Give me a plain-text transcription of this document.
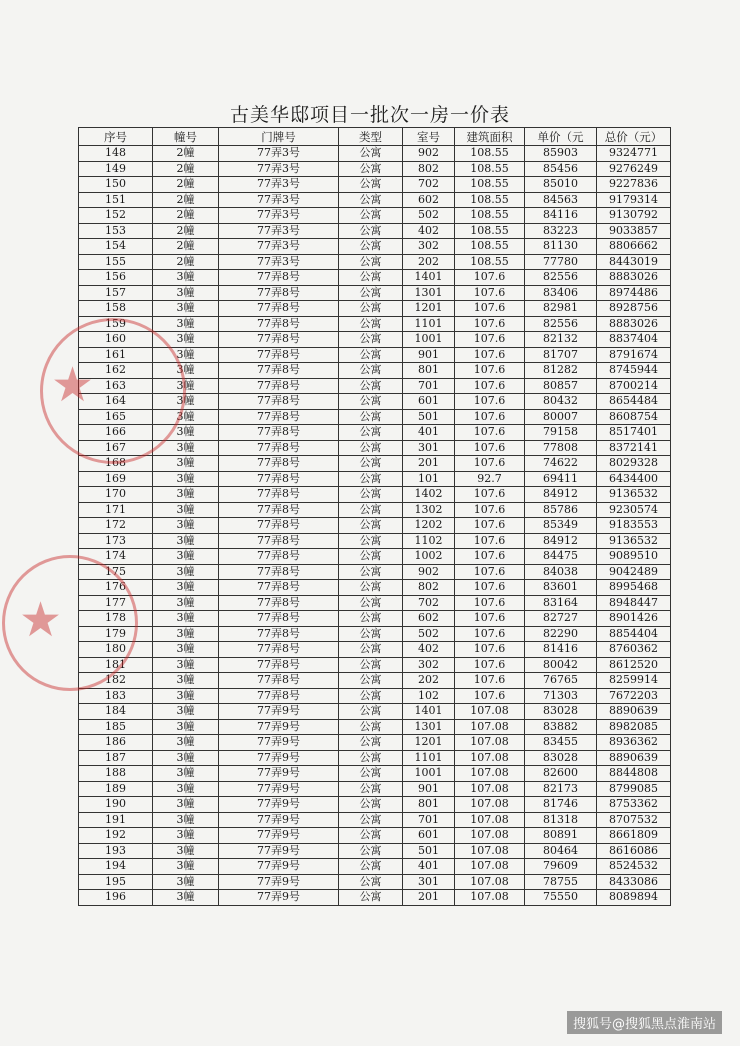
古美华邸项目一批次一房一价表
序号	幢号	门牌号	类型	室号	建筑面积	单价（元	总价（元）
148	2幢	77弄3号	公寓	902	108.55	85903	9324771
149	2幢	77弄3号	公寓	802	108.55	85456	9276249
150	2幢	77弄3号	公寓	702	108.55	85010	9227836
151	2幢	77弄3号	公寓	602	108.55	84563	9179314
152	2幢	77弄3号	公寓	502	108.55	84116	9130792
153	2幢	77弄3号	公寓	402	108.55	83223	9033857
154	2幢	77弄3号	公寓	302	108.55	81130	8806662
155	2幢	77弄3号	公寓	202	108.55	77780	8443019
156	3幢	77弄8号	公寓	1401	107.6	82556	8883026
157	3幢	77弄8号	公寓	1301	107.6	83406	8974486
158	3幢	77弄8号	公寓	1201	107.6	82981	8928756
159	3幢	77弄8号	公寓	1101	107.6	82556	8883026
160	3幢	77弄8号	公寓	1001	107.6	82132	8837404
161	3幢	77弄8号	公寓	901	107.6	81707	8791674
162	3幢	77弄8号	公寓	801	107.6	81282	8745944
163	3幢	77弄8号	公寓	701	107.6	80857	8700214
164	3幢	77弄8号	公寓	601	107.6	80432	8654484
165	3幢	77弄8号	公寓	501	107.6	80007	8608754
166	3幢	77弄8号	公寓	401	107.6	79158	8517401
167	3幢	77弄8号	公寓	301	107.6	77808	8372141
168	3幢	77弄8号	公寓	201	107.6	74622	8029328
169	3幢	77弄8号	公寓	101	92.7	69411	6434400
170	3幢	77弄8号	公寓	1402	107.6	84912	9136532
171	3幢	77弄8号	公寓	1302	107.6	85786	9230574
172	3幢	77弄8号	公寓	1202	107.6	85349	9183553
173	3幢	77弄8号	公寓	1102	107.6	84912	9136532
174	3幢	77弄8号	公寓	1002	107.6	84475	9089510
175	3幢	77弄8号	公寓	902	107.6	84038	9042489
176	3幢	77弄8号	公寓	802	107.6	83601	8995468
177	3幢	77弄8号	公寓	702	107.6	83164	8948447
178	3幢	77弄8号	公寓	602	107.6	82727	8901426
179	3幢	77弄8号	公寓	502	107.6	82290	8854404
180	3幢	77弄8号	公寓	402	107.6	81416	8760362
181	3幢	77弄8号	公寓	302	107.6	80042	8612520
182	3幢	77弄8号	公寓	202	107.6	76765	8259914
183	3幢	77弄8号	公寓	102	107.6	71303	7672203
184	3幢	77弄9号	公寓	1401	107.08	83028	8890639
185	3幢	77弄9号	公寓	1301	107.08	83882	8982085
186	3幢	77弄9号	公寓	1201	107.08	83455	8936362
187	3幢	77弄9号	公寓	1101	107.08	83028	8890639
188	3幢	77弄9号	公寓	1001	107.08	82600	8844808
189	3幢	77弄9号	公寓	901	107.08	82173	8799085
190	3幢	77弄9号	公寓	801	107.08	81746	8753362
191	3幢	77弄9号	公寓	701	107.08	81318	8707532
192	3幢	77弄9号	公寓	601	107.08	80891	8661809
193	3幢	77弄9号	公寓	501	107.08	80464	8616086
194	3幢	77弄9号	公寓	401	107.08	79609	8524532
195	3幢	77弄9号	公寓	301	107.08	78755	8433086
196	3幢	77弄9号	公寓	201	107.08	75550	8089894
★
★
搜狐号@搜狐黑点淮南站
